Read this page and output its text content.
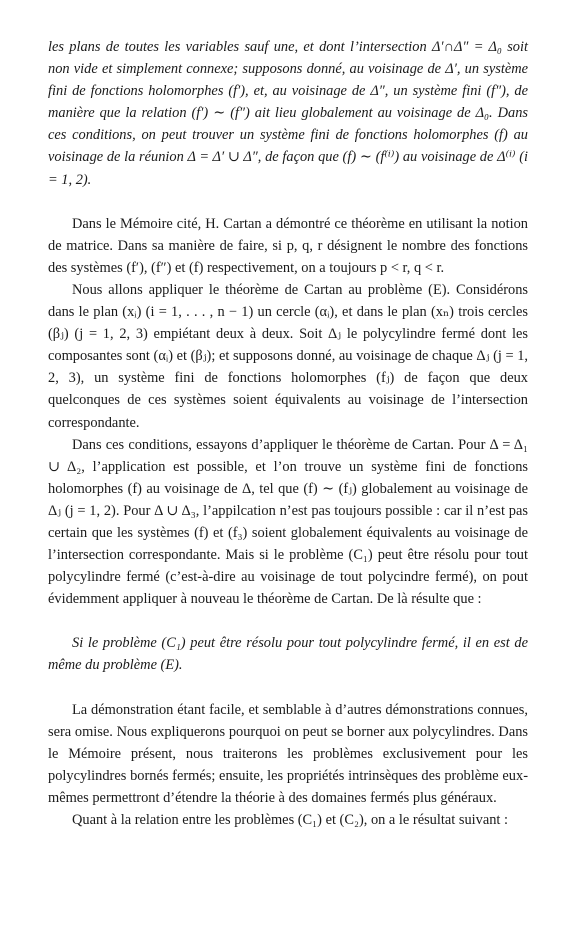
les plans de toutes les variables sauf une, et dont l’intersection Δ′∩Δ″ = Δ₀ soit non vide et simplement connexe; supposons donné, au voisinage de Δ′, un système fini de fonctions holomorphes (f′), et, au voisinage de Δ″, un système fini (f″), de manière que la relation (f′) ∼ (f″) ait lieu globalement au voisinage de Δ₀. Dans ces conditions, on peut trouver un système fini de fonctions holomorphes (f) au voisinage de la réunion Δ = Δ′ ∪ Δ″, de façon que (f) ∼ (f⁽ⁱ⁾) au voisinage de Δ⁽ⁱ⁾ (i = 1, 2).

Dans le Mémoire cité, H. Cartan a démontré ce théorème en utilisant la notion de matrice. Dans sa manière de faire, si p, q, r désignent le nombre des fonctions des systèmes (f′), (f″) et (f) respectivement, on a toujours p < r, q < r.

Nous allons appliquer le théorème de Cartan au problème (E). Considérons dans le plan (xᵢ) (i = 1, . . . , n − 1) un cercle (αᵢ), et dans le plan (xₙ) trois cercles (βⱼ) (j = 1, 2, 3) empiétant deux à deux. Soit Δⱼ le polycylindre fermé dont les composantes sont (αᵢ) et (βⱼ); et supposons donné, au voisinage de chaque Δⱼ (j = 1, 2, 3), un système fini de fonctions holomorphes (fⱼ) de façon que deux quelconques de ces systèmes soient équivalents au voisinage de l’intersection correspondante.

Dans ces conditions, essayons d’appliquer le théorème de Cartan. Pour Δ = Δ₁ ∪ Δ₂, l’application est possible, et l’on trouve un système fini de fonctions holomorphes (f) au voisinage de Δ, tel que (f) ∼ (fⱼ) globalement au voisinage de Δⱼ (j = 1, 2). Pour Δ ∪ Δ₃, l’appilcation n’est pas toujours possible : car il n’est pas certain que les systèmes (f) et (f₃) soient globalement équivalents au voisinage de l’intersection correspondante. Mais si le problème (C₁) peut être résolu pour tout polycylindre fermé (c’est-à-dire au voisinage de tout polycindre fermé), on pout évidemment appliquer à nouveau le théorème de Cartan. De là résulte que :

Si le problème (C₁) peut être résolu pour tout polycylindre fermé, il en est de même du problème (E).

La démonstration étant facile, et semblable à d’autres démonstrations connues, sera omise. Nous expliquerons pourquoi on peut se borner aux polycylindres. Dans le Mémoire présent, nous traiterons les problèmes exclusivement pour les polycylindres bornés fermés; ensuite, les propriétés intrinsèques des problème eux-mêmes permettront d’étendre la théorie à des domaines fermés plus généraux.

Quant à la relation entre les problèmes (C₁) et (C₂), on a le résultat suivant :
